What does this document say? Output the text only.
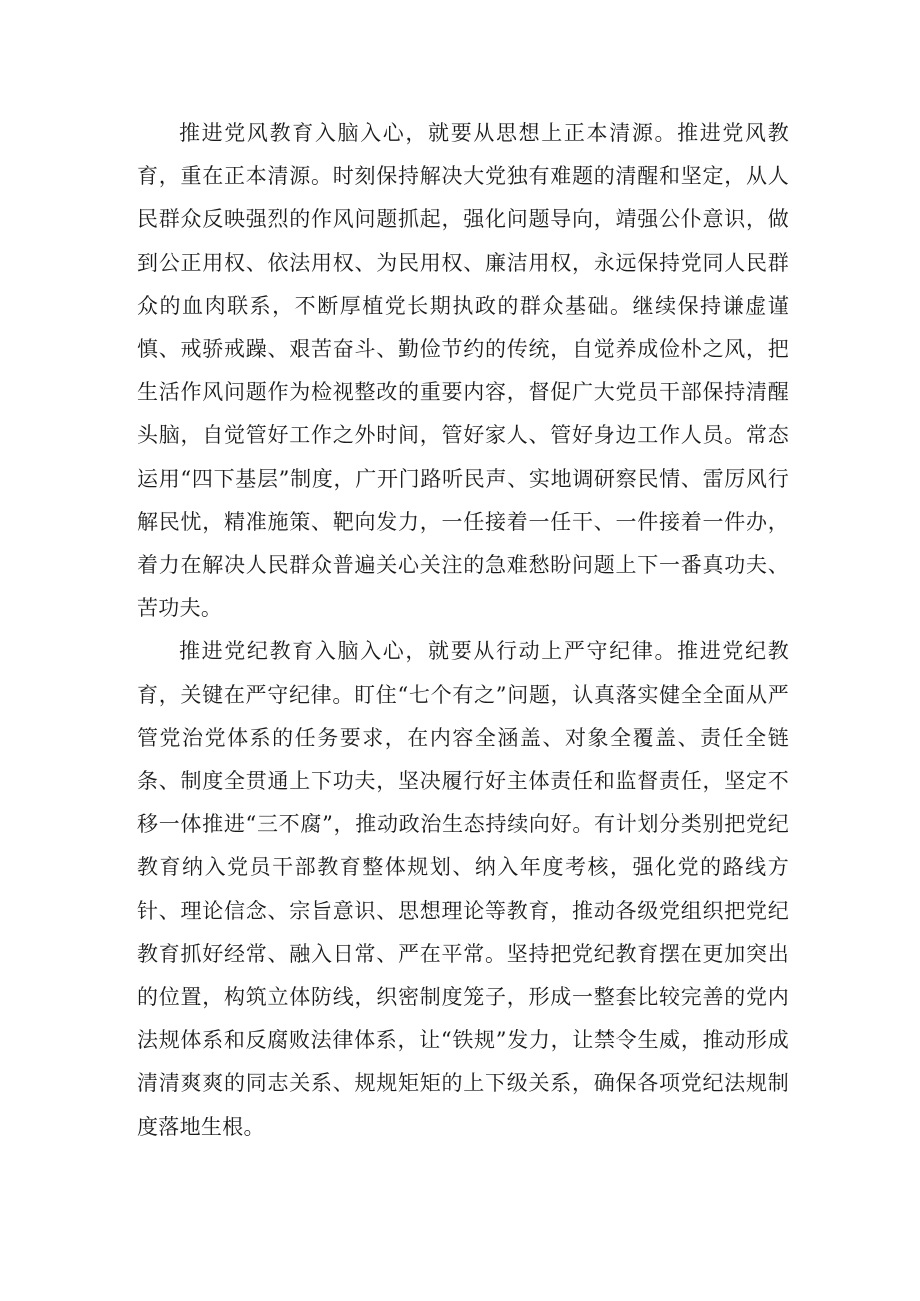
推进党风教育入脑入心，就要从思想上正本清源。推进党风教育，重在正本清源。时刻保持解决大党独有难题的清醒和坚定，从人民群众反映强烈的作风问题抓起，强化问题导向，靖强公仆意识，做到公正用权、依法用权、为民用权、廉洁用权，永远保持党同人民群众的血肉联系，不断厚植党长期执政的群众基础。继续保持谦虚谨慎、戒骄戒躁、艰苦奋斗、勤俭节约的传统，自觉养成俭朴之风，把生活作风问题作为检视整改的重要内容，督促广大党员干部保持清醒头脑，自觉管好工作之外时间，管好家人、管好身边工作人员。常态运用“四下基层”制度，广开门路听民声、实地调研察民情、雷厉风行解民忧，精准施策、靶向发力，一任接着一任干、一件接着一件办，着力在解决人民群众普遍关心关注的急难愁盼问题上下一番真功夫、苦功夫。

推进党纪教育入脑入心，就要从行动上严守纪律。推进党纪教育，关键在严守纪律。盯住“七个有之”问题，认真落实健全全面从严管党治党体系的任务要求，在内容全涵盖、对象全覆盖、责任全链条、制度全贯通上下功夫，坚决履行好主体责任和监督责任，坚定不移一体推进“三不腐”，推动政治生态持续向好。有计划分类别把党纪教育纳入党员干部教育整体规划、纳入年度考核，强化党的路线方针、理论信念、宗旨意识、思想理论等教育，推动各级党组织把党纪教育抓好经常、融入日常、严在平常。坚持把党纪教育摆在更加突出的位置，构筑立体防线，织密制度笼子，形成一整套比较完善的党内法规体系和反腐败法律体系，让“铁规”发力，让禁令生威，推动形成清清爽爽的同志关系、规规矩矩的上下级关系，确保各项党纪法规制度落地生根。
